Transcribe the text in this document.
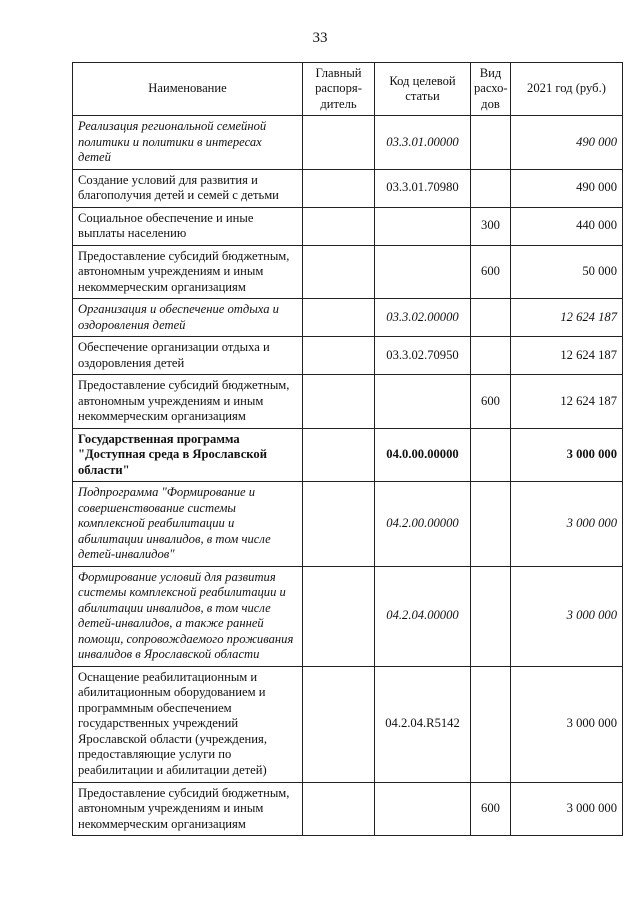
33
Наименование	Главный распоря-дитель	Код целевой статьи	Вид расхо-дов	2021 год (руб.)
Реализация региональной семейной политики и политики в интересах детей		03.3.01.00000		490 000
Создание условий для развития и благополучия детей и семей с детьми		03.3.01.70980		490 000
Социальное обеспечение и иные выплаты населению			300	440 000
Предоставление субсидий бюджетным, автономным учреждениям и иным некоммерческим организациям			600	50 000
Организация и обеспечение отдыха и оздоровления детей		03.3.02.00000		12 624 187
Обеспечение организации отдыха и оздоровления детей		03.3.02.70950		12 624 187
Предоставление субсидий бюджетным, автономным учреждениям и иным некоммерческим организациям			600	12 624 187
Государственная программа "Доступная среда в Ярославской области"		04.0.00.00000		3 000 000
Подпрограмма "Формирование и совершенствование системы комплексной реабилитации и абилитации инвалидов, в том числе детей-инвалидов"		04.2.00.00000		3 000 000
Формирование условий для развития системы комплексной реабилитации и абилитации инвалидов, в том числе детей-инвалидов, а также ранней помощи, сопровождаемого проживания инвалидов в Ярославской области		04.2.04.00000		3 000 000
Оснащение реабилитационным и абилитационным оборудованием и программным обеспечением государственных учреждений Ярославской области (учреждения, предоставляющие услуги по реабилитации и абилитации детей)		04.2.04.R5142		3 000 000
Предоставление субсидий бюджетным, автономным учреждениям и иным некоммерческим организациям			600	3 000 000
